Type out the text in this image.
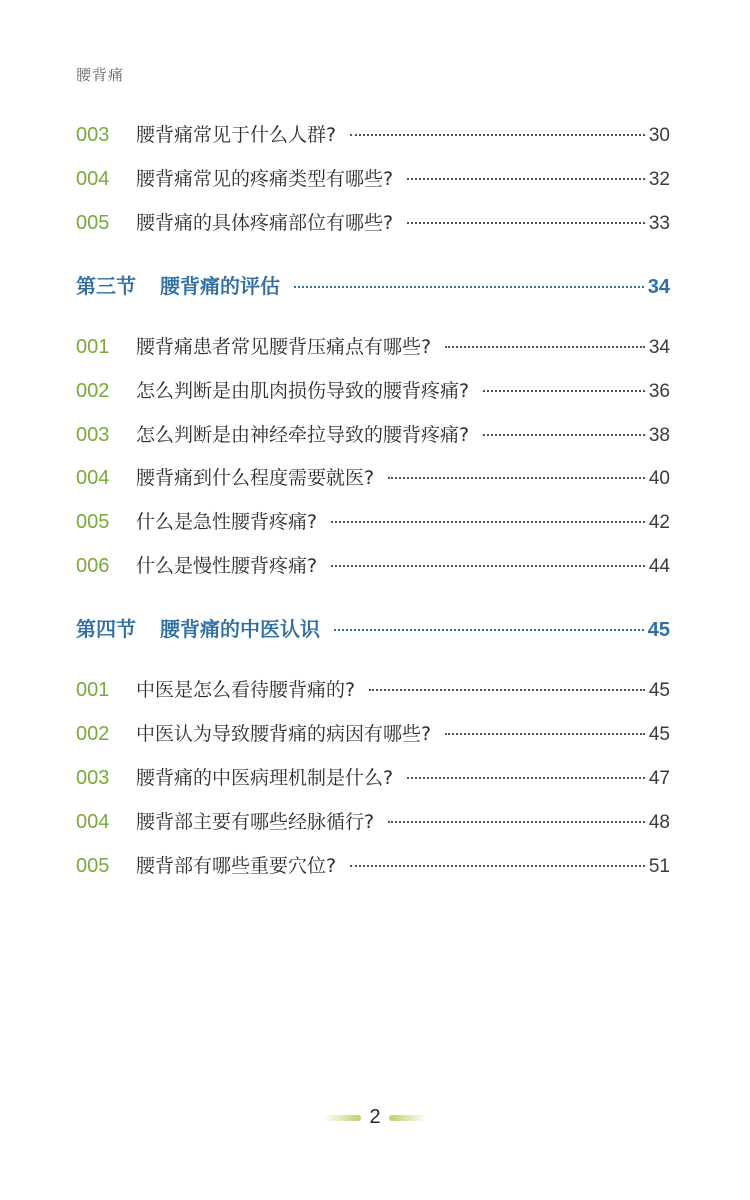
腰背痛
003	腰背痛常见于什么人群?	30
004	腰背痛常见的疼痛类型有哪些?	32
005	腰背痛的具体疼痛部位有哪些?	33
第三节	腰背痛的评估	34
001	腰背痛患者常见腰背压痛点有哪些?	34
002	怎么判断是由肌肉损伤导致的腰背疼痛?	36
003	怎么判断是由神经牵拉导致的腰背疼痛?	38
004	腰背痛到什么程度需要就医?	40
005	什么是急性腰背疼痛?	42
006	什么是慢性腰背疼痛?	44
第四节	腰背痛的中医认识	45
001	中医是怎么看待腰背痛的?	45
002	中医认为导致腰背痛的病因有哪些?	45
003	腰背痛的中医病理机制是什么?	47
004	腰背部主要有哪些经脉循行?	48
005	腰背部有哪些重要穴位?	51
2
